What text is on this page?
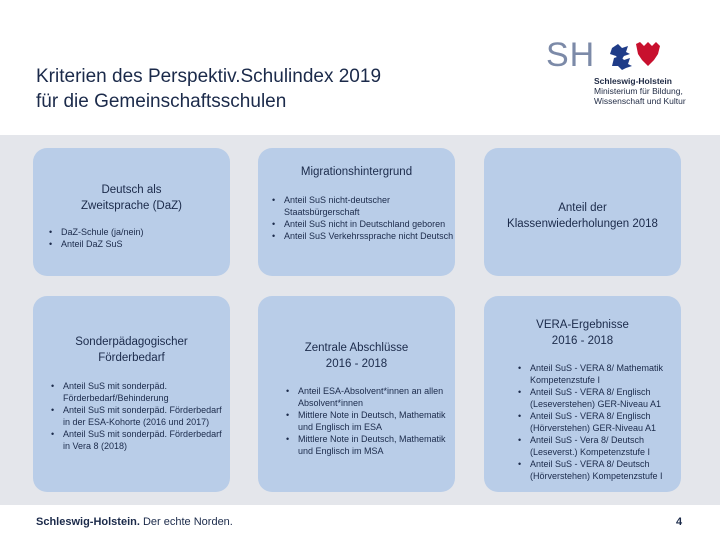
Kriterien des Perspektiv.Schulindex 2019
für die Gemeinschaftsschulen
SH
Schleswig-Holstein
Ministerium für Bildung,
Wissenschaft und Kultur
Deutsch als
Zweitsprache (DaZ)
• DaZ-Schule (ja/nein)
• Anteil DaZ SuS
Migrationshintergrund
• Anteil SuS nicht-deutscher Staatsbürgerschaft
• Anteil SuS nicht in Deutschland geboren
• Anteil SuS Verkehrssprache nicht Deutsch
Anteil der
Klassenwiederholungen 2018
Sonderpädagogischer
Förderbedarf
• Anteil SuS mit sonderpäd. Förderbedarf/Behinderung
• Anteil SuS mit sonderpäd. Förderbedarf in der ESA-Kohorte (2016 und 2017)
• Anteil SuS mit sonderpäd. Förderbedarf in Vera 8 (2018)
Zentrale Abschlüsse
2016 - 2018
• Anteil ESA-Absolvent*innen an allen Absolvent*innen
• Mittlere Note in Deutsch, Mathematik und Englisch im ESA
• Mittlere Note in Deutsch, Mathematik und Englisch im MSA
VERA-Ergebnisse
2016 - 2018
• Anteil SuS - VERA 8/ Mathematik Kompetenzstufe I
• Anteil SuS - VERA 8/ Englisch (Leseverstehen) GER-Niveau A1
• Anteil SuS - VERA 8/ Englisch (Hörverstehen) GER-Niveau A1
• Anteil SuS - Vera 8/ Deutsch (Leseverst.) Kompetenzstufe I
• Anteil SuS - VERA 8/ Deutsch (Hörverstehen) Kompetenzstufe I
Schleswig-Holstein. Der echte Norden.	4
